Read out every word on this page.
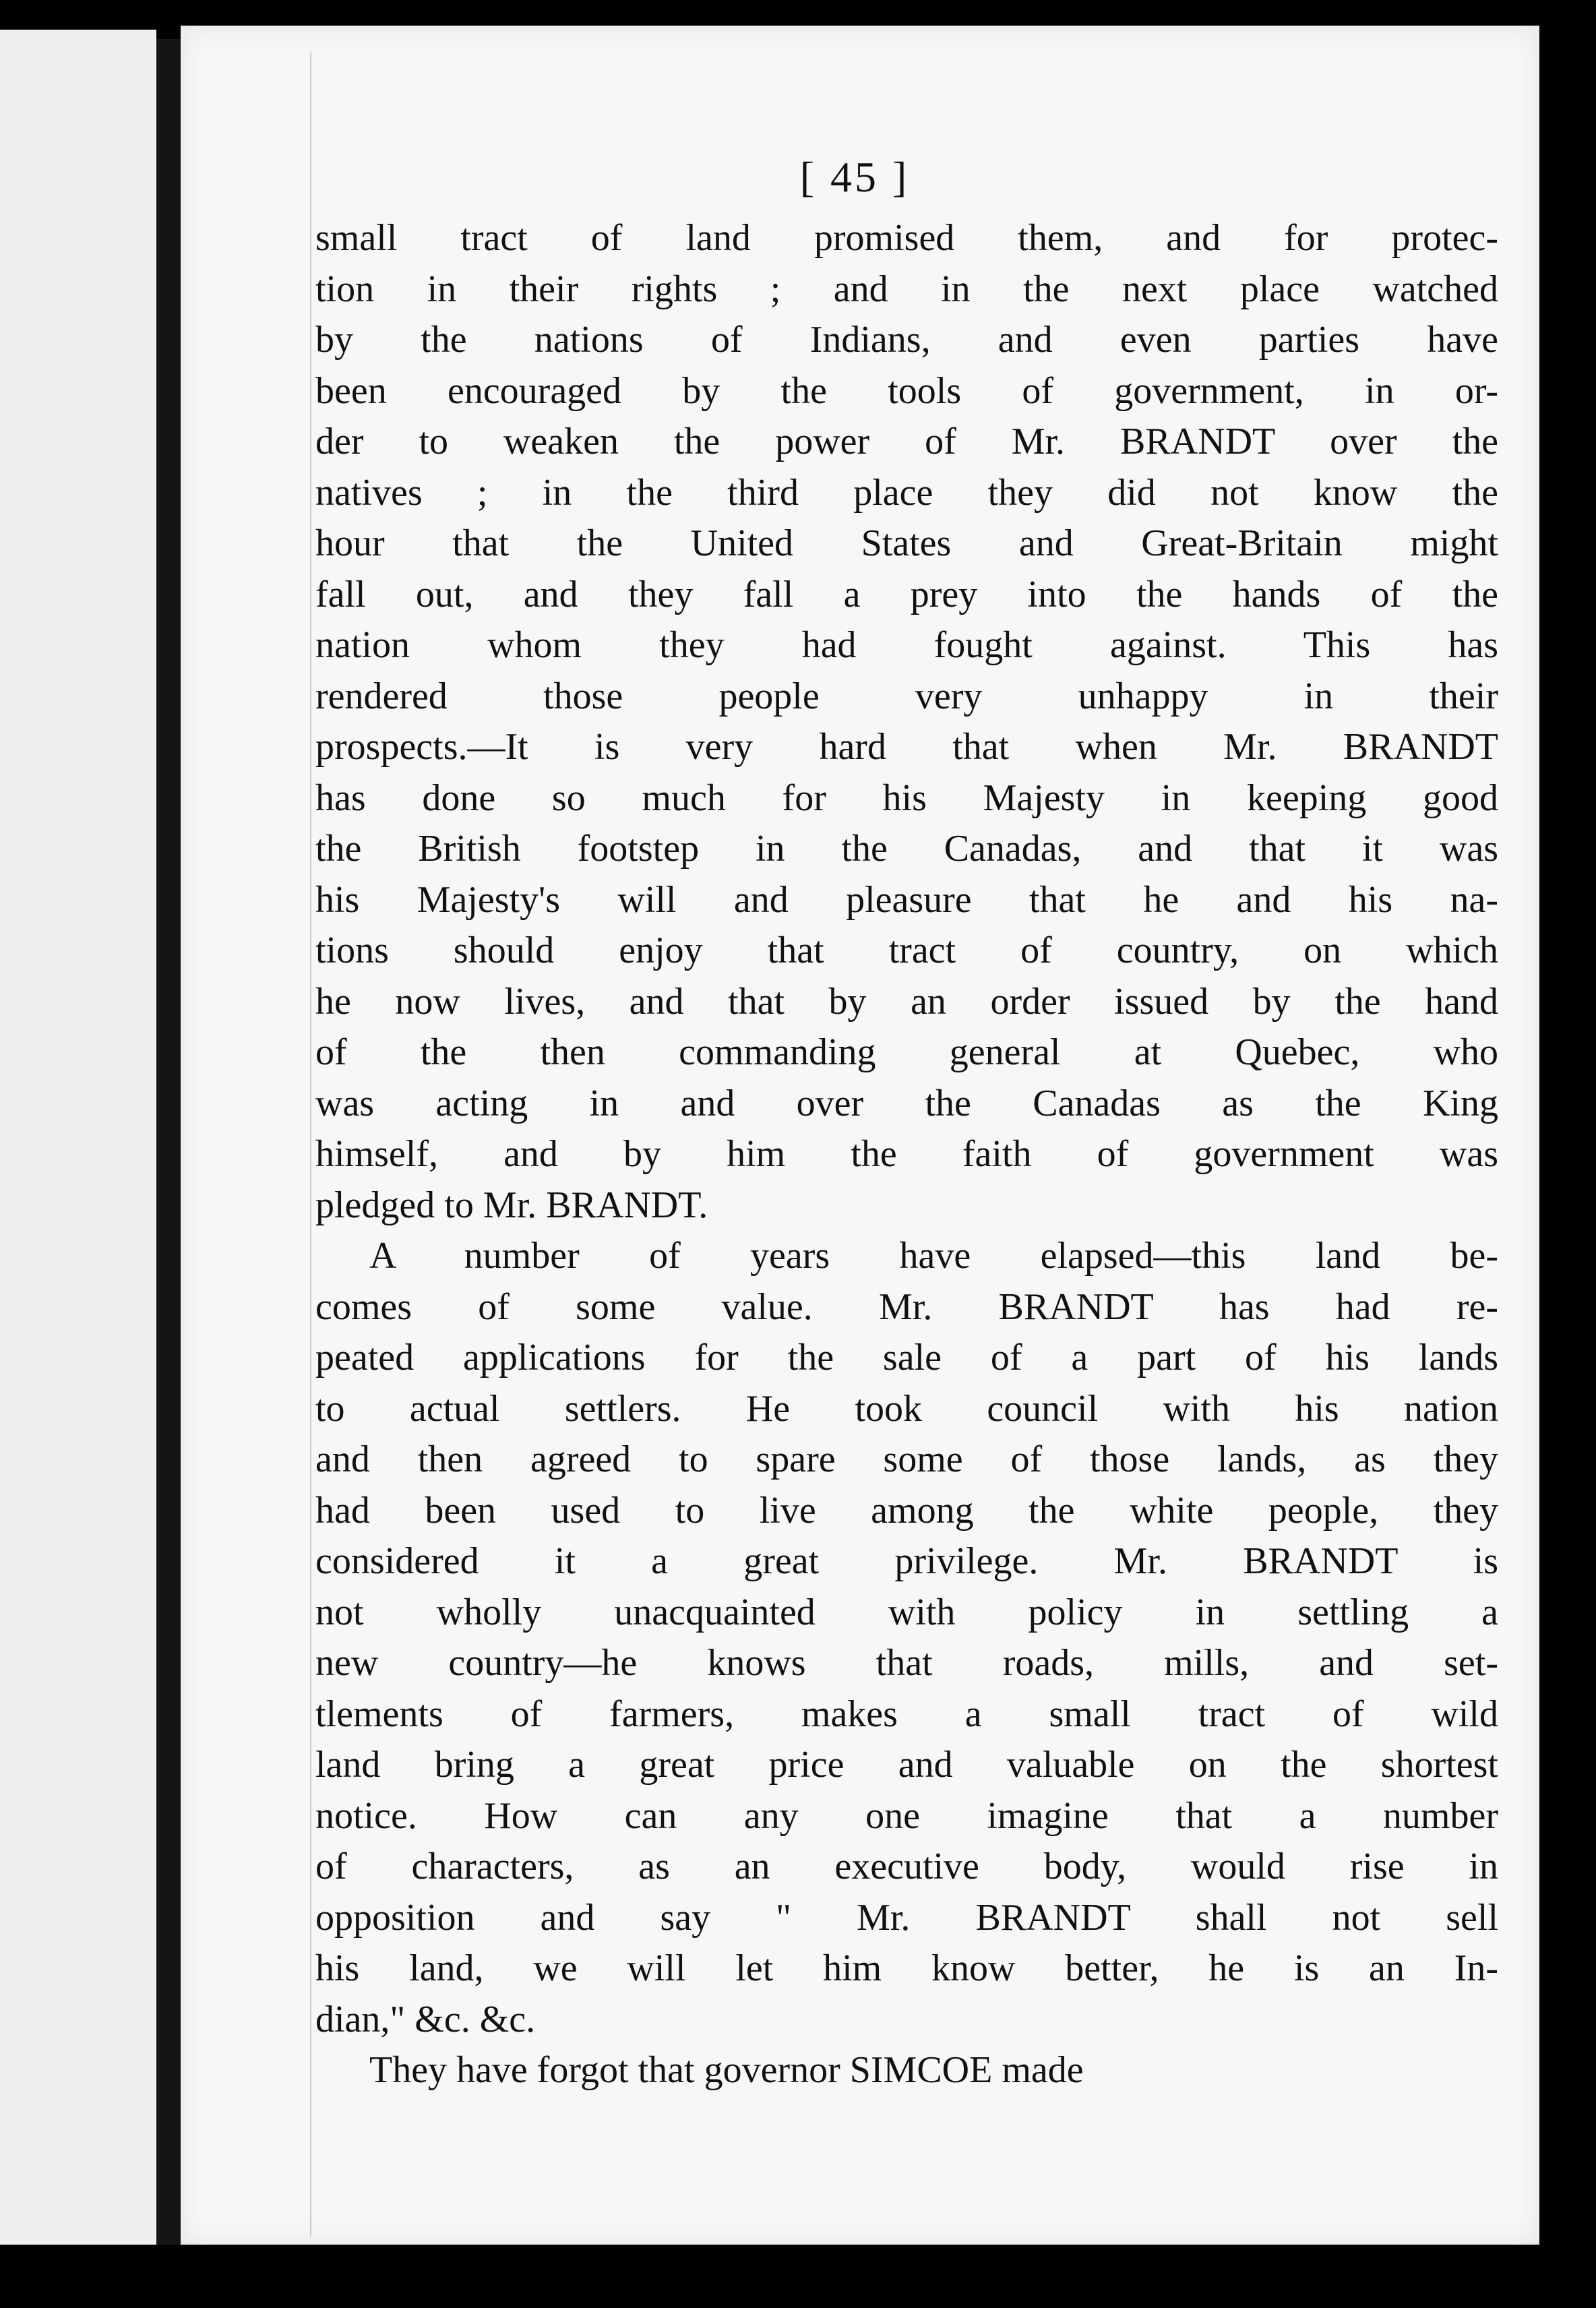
[ 45 ]
small tract of land promised them, and for protec-
tion in their rights ; and in the next place watched
by the nations of Indians, and even parties have
been encouraged by the tools of government, in or-
der to weaken the power of Mr. BRANDT over the
natives ; in the third place they did not know the
hour that the United States and Great-Britain might
fall out, and they fall a prey into the hands of the
nation whom they had fought against. This has
rendered those people very unhappy in their
prospects.—It is very hard that when Mr. BRANDT
has done so much for his Majesty in keeping good
the British footstep in the Canadas, and that it was
his Majesty's will and pleasure that he and his na-
tions should enjoy that tract of country, on which
he now lives, and that by an order issued by the hand
of the then commanding general at Quebec, who
was acting in and over the Canadas as the King
himself, and by him the faith of government was
pledged to Mr. BRANDT.
A number of years have elapsed—this land be-
comes of some value. Mr. BRANDT has had re-
peated applications for the sale of a part of his lands
to actual settlers. He took council with his nation
and then agreed to spare some of those lands, as they
had been used to live among the white people, they
considered it a great privilege. Mr. BRANDT is
not wholly unacquainted with policy in settling a
new country—he knows that roads, mills, and set-
tlements of farmers, makes a small tract of wild
land bring a great price and valuable on the shortest
notice. How can any one imagine that a number
of characters, as an executive body, would rise in
opposition and say " Mr. BRANDT shall not sell
his land, we will let him know better, he is an In-
dian," &c. &c.
They have forgot that governor SIMCOE made
